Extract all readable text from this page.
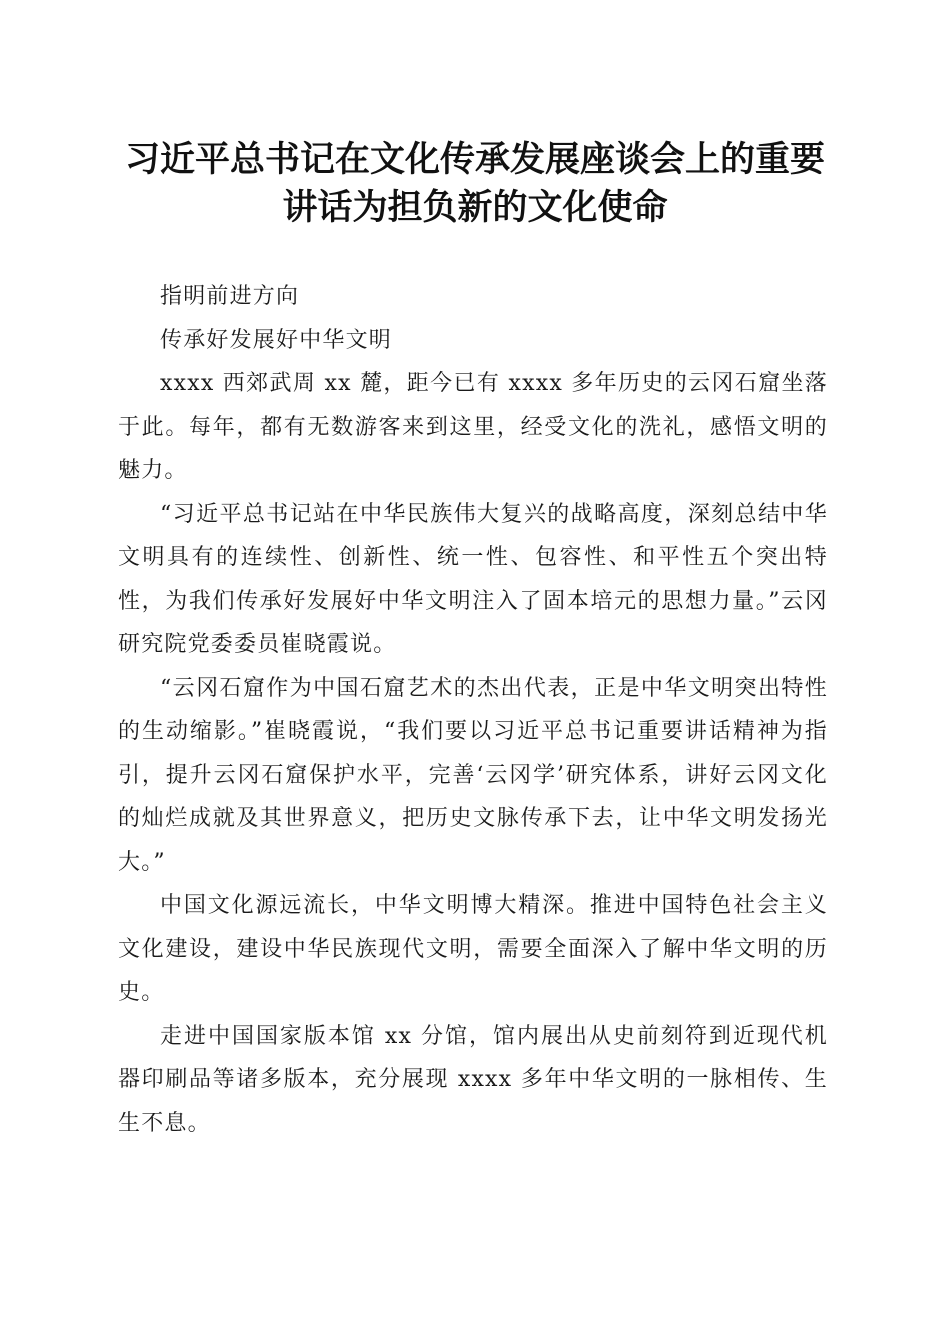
习近平总书记在文化传承发展座谈会上的重要
讲话为担负新的文化使命

指明前进方向

传承好发展好中华文明

xxxx 西郊武周 xx 麓，距今已有 xxxx 多年历史的云冈石窟坐落于此。每年，都有无数游客来到这里，经受文化的洗礼，感悟文明的魅力。

“习近平总书记站在中华民族伟大复兴的战略高度，深刻总结中华文明具有的连续性、创新性、统一性、包容性、和平性五个突出特性，为我们传承好发展好中华文明注入了固本培元的思想力量。”云冈研究院党委委员崔晓霞说。

“云冈石窟作为中国石窟艺术的杰出代表，正是中华文明突出特性的生动缩影。”崔晓霞说，“我们要以习近平总书记重要讲话精神为指引，提升云冈石窟保护水平，完善‘云冈学’研究体系，讲好云冈文化的灿烂成就及其世界意义，把历史文脉传承下去，让中华文明发扬光大。”

中国文化源远流长，中华文明博大精深。推进中国特色社会主义文化建设，建设中华民族现代文明，需要全面深入了解中华文明的历史。

走进中国国家版本馆 xx 分馆，馆内展出从史前刻符到近现代机器印刷品等诸多版本，充分展现 xxxx 多年中华文明的一脉相传、生生不息。
